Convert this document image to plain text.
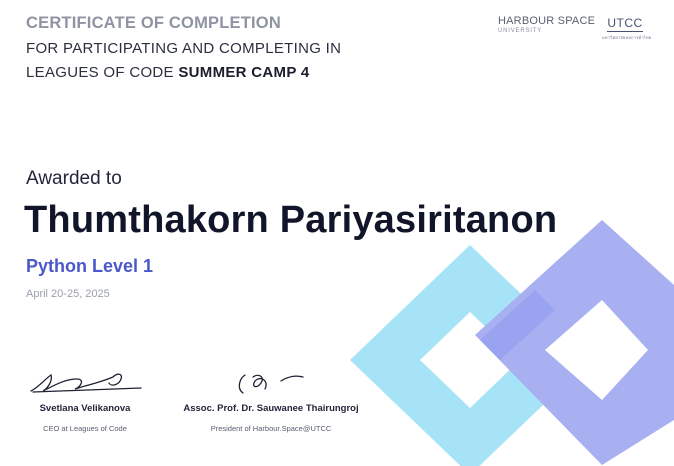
CERTIFICATE OF COMPLETION
FOR PARTICIPATING AND COMPLETING IN
LEAGUES OF CODE SUMMER CAMP 4
HARBOUR SPACE
UNIVERSITY
UTCC
มหาวิทยาลัยหอการค้าไทย
Awarded to
Thumthakorn Pariyasiritanon
Python Level 1
April 20-25, 2025
Svetlana Velikanova
CEO at Leagues of Code
Assoc. Prof. Dr. Sauwanee Thairungroj
President of Harbour.Space@UTCC
